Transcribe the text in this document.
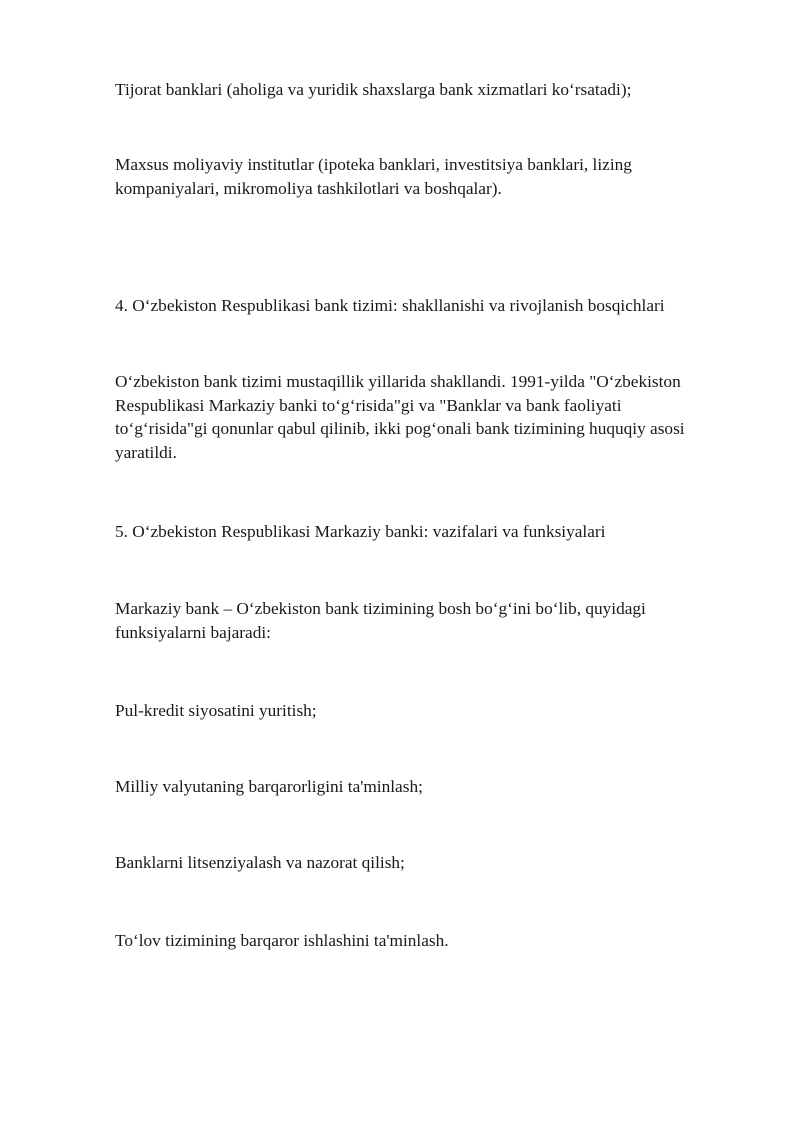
Tijorat banklari (aholiga va yuridik shaxslarga bank xizmatlari ko‘rsatadi);

Maxsus moliyaviy institutlar (ipoteka banklari, investitsiya banklari, lizing
kompaniyalari, mikromoliya tashkilotlari va boshqalar).

4. O‘zbekiston Respublikasi bank tizimi: shakllanishi va rivojlanish bosqichlari

O‘zbekiston bank tizimi mustaqillik yillarida shakllandi. 1991-yilda "O‘zbekiston
Respublikasi Markaziy banki to‘g‘risida"gi va "Banklar va bank faoliyati
to‘g‘risida"gi qonunlar qabul qilinib, ikki pog‘onali bank tizimining huquqiy asosi
yaratildi.

5. O‘zbekiston Respublikasi Markaziy banki: vazifalari va funksiyalari

Markaziy bank – O‘zbekiston bank tizimining bosh bo‘g‘ini bo‘lib, quyidagi
funksiyalarni bajaradi:

Pul-kredit siyosatini yuritish;

Milliy valyutaning barqarorligini ta'minlash;

Banklarni litsenziyalash va nazorat qilish;

To‘lov tizimining barqaror ishlashini ta'minlash.
